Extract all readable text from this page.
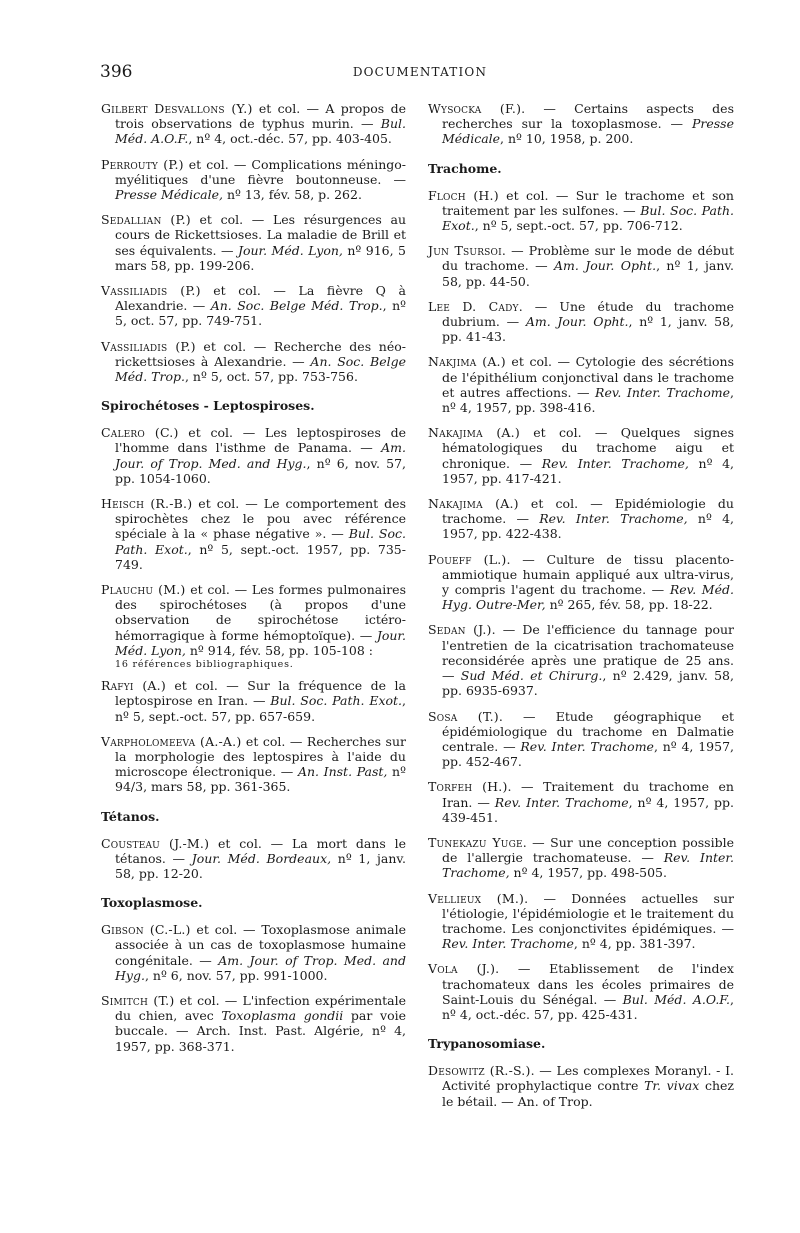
396	DOCUMENTATION
Gilbert Desvallons (Y.) et col. — A propos de trois observations de typhus murin. — Bul. Méd. A.O.F., nº 4, oct.-déc. 57, pp. 403-405.
Perrouty (P.) et col. — Complications méningo-myélitiques d'une fièvre boutonneuse. — Presse Médicale, nº 13, fév. 58, p. 262.
Sedallian (P.) et col. — Les résurgences au cours de Rickettsioses. La maladie de Brill et ses équivalents. — Jour. Méd. Lyon, nº 916, 5 mars 58, pp. 199-206.
Vassiliadis (P.) et col. — La fièvre Q à Alexandrie. — An. Soc. Belge Méd. Trop., nº 5, oct. 57, pp. 749-751.
Vassiliadis (P.) et col. — Recherche des néo-rickettsioses à Alexandrie. — An. Soc. Belge Méd. Trop., nº 5, oct. 57, pp. 753-756.
Spirochétoses - Leptospiroses.
Calero (C.) et col. — Les leptospiroses de l'homme dans l'isthme de Panama. — Am. Jour. of Trop. Med. and Hyg., nº 6, nov. 57, pp. 1054-1060.
Heisch (R.-B.) et col. — Le comportement des spirochètes chez le pou avec référence spéciale à la « phase négative ». — Bul. Soc. Path. Exot., nº 5, sept.-oct. 1957, pp. 735-749.
Plauchu (M.) et col. — Les formes pulmonaires des spirochétoses (à propos d'une observation de spirochétose ictéro-hémorragique à forme hémoptoïque). — Jour. Méd. Lyon, nº 914, fév. 58, pp. 105-108 :
16 références bibliographiques.
Rafyi (A.) et col. — Sur la fréquence de la leptospirose en Iran. — Bul. Soc. Path. Exot., nº 5, sept.-oct. 57, pp. 657-659.
Varpholomeeva (A.-A.) et col. — Recherches sur la morphologie des leptospires à l'aide du microscope électronique. — An. Inst. Past, nº 94/3, mars 58, pp. 361-365.
Tétanos.
Cousteau (J.-M.) et col. — La mort dans le tétanos. — Jour. Méd. Bordeaux, nº 1, janv. 58, pp. 12-20.
Toxoplasmose.
Gibson (C.-L.) et col. — Toxoplasmose animale associée à un cas de toxoplasmose humaine congénitale. — Am. Jour. of Trop. Med. and Hyg., nº 6, nov. 57, pp. 991-1000.
Simitch (T.) et col. — L'infection expérimentale du chien, avec Toxoplasma gondii par voie buccale. — Arch. Inst. Past. Algérie, nº 4, 1957, pp. 368-371.
Wysocka (F.). — Certains aspects des recherches sur la toxoplasmose. — Presse Médicale, nº 10, 1958, p. 200.
Trachome.
Floch (H.) et col. — Sur le trachome et son traitement par les sulfones. — Bul. Soc. Path. Exot., nº 5, sept.-oct. 57, pp. 706-712.
Jun Tsursoi. — Problème sur le mode de début du trachome. — Am. Jour. Opht., nº 1, janv. 58, pp. 44-50.
Lee D. Cady. — Une étude du trachome dubrium. — Am. Jour. Opht., nº 1, janv. 58, pp. 41-43.
Nakjima (A.) et col. — Cytologie des sécrétions de l'épithélium conjonctival dans le trachome et autres affections. — Rev. Inter. Trachome, nº 4, 1957, pp. 398-416.
Nakajima (A.) et col. — Quelques signes hématologiques du trachome aigu et chronique. — Rev. Inter. Trachome, nº 4, 1957, pp. 417-421.
Nakajima (A.) et col. — Epidémiologie du trachome. — Rev. Inter. Trachome, nº 4, 1957, pp. 422-438.
Poueff (L.). — Culture de tissu placento-ammiotique humain appliqué aux ultra-virus, y compris l'agent du trachome. — Rev. Méd. Hyg. Outre-Mer, nº 265, fév. 58, pp. 18-22.
Sedan (J.). — De l'efficience du tannage pour l'entretien de la cicatrisation trachomateuse reconsidérée après une pratique de 25 ans. — Sud Méd. et Chirurg., nº 2.429, janv. 58, pp. 6935-6937.
Sosa (T.). — Etude géographique et épidémiologique du trachome en Dalmatie centrale. — Rev. Inter. Trachome, nº 4, 1957, pp. 452-467.
Torfeh (H.). — Traitement du trachome en Iran. — Rev. Inter. Trachome, nº 4, 1957, pp. 439-451.
Tunekazu Yuge. — Sur une conception possible de l'allergie trachomateuse. — Rev. Inter. Trachome, nº 4, 1957, pp. 498-505.
Vellieux (M.). — Données actuelles sur l'étiologie, l'épidémiologie et le traitement du trachome. Les conjonctivites épidémiques. — Rev. Inter. Trachome, nº 4, pp. 381-397.
Vola (J.). — Etablissement de l'index trachomateux dans les écoles primaires de Saint-Louis du Sénégal. — Bul. Méd. A.O.F., nº 4, oct.-déc. 57, pp. 425-431.
Trypanosomiase.
Desowitz (R.-S.). — Les complexes Moranyl. - I. Activité prophylactique contre Tr. vivax chez le bétail. — An. of Trop.
